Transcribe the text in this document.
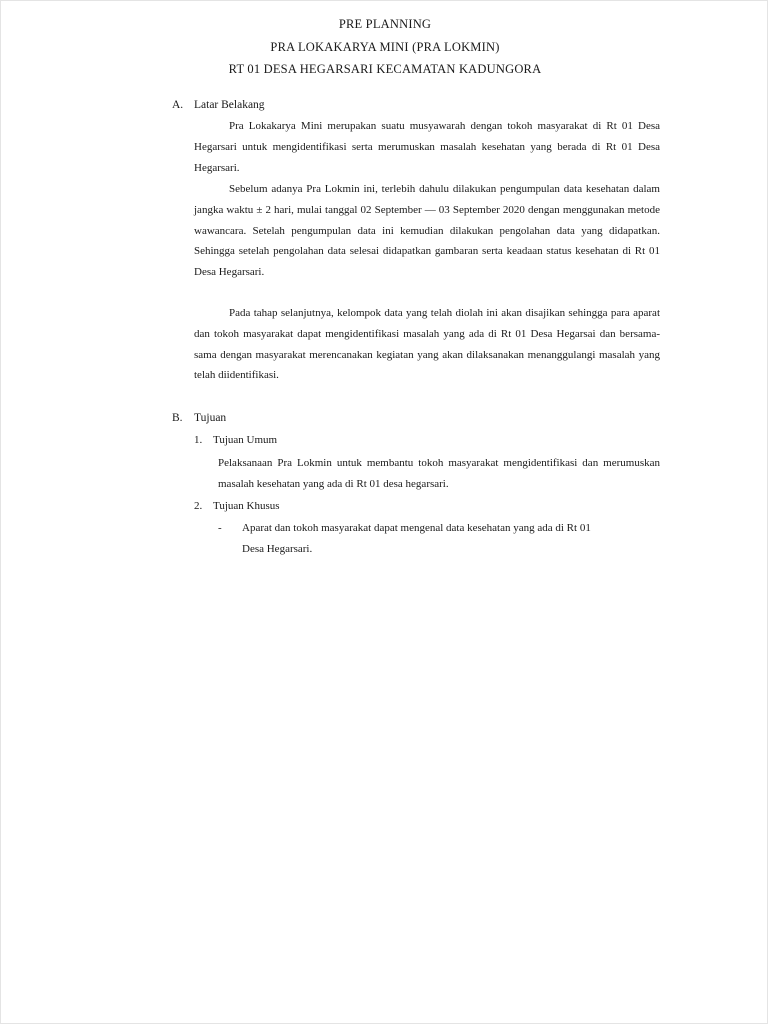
PRE PLANNING
PRA LOKAKARYA MINI (PRA LOKMIN)
RT 01 DESA HEGARSARI KECAMATAN KADUNGORA
A. Latar Belakang
Pra Lokakarya Mini merupakan suatu musyawarah dengan tokoh masyarakat di Rt 01 Desa Hegarsari untuk mengidentifikasi serta merumuskan masalah kesehatan yang berada di Rt 01 Desa Hegarsari.
Sebelum adanya Pra Lokmin ini, terlebih dahulu dilakukan pengumpulan data kesehatan dalam jangka waktu ± 2 hari, mulai tanggal 02 September — 03 September 2020 dengan menggunakan metode wawancara. Setelah pengumpulan data ini kemudian dilakukan pengolahan data yang didapatkan. Sehingga setelah pengolahan data selesai didapatkan gambaran serta keadaan status kesehatan di Rt 01 Desa Hegarsari.
Pada tahap selanjutnya, kelompok data yang telah diolah ini akan disajikan sehingga para aparat dan tokoh masyarakat dapat mengidentifikasi masalah yang ada di Rt 01 Desa Hegarsai dan bersama-sama dengan masyarakat merencanakan kegiatan yang akan dilaksanakan menanggulangi masalah yang telah diidentifikasi.
B. Tujuan
1. Tujuan Umum
Pelaksanaan Pra Lokmin untuk membantu tokoh masyarakat mengidentifikasi dan merumuskan masalah kesehatan yang ada di Rt 01 desa hegarsari.
2. Tujuan Khusus
- Aparat dan tokoh masyarakat dapat mengenal data kesehatan yang ada di Rt 01
Desa Hegarsari.
